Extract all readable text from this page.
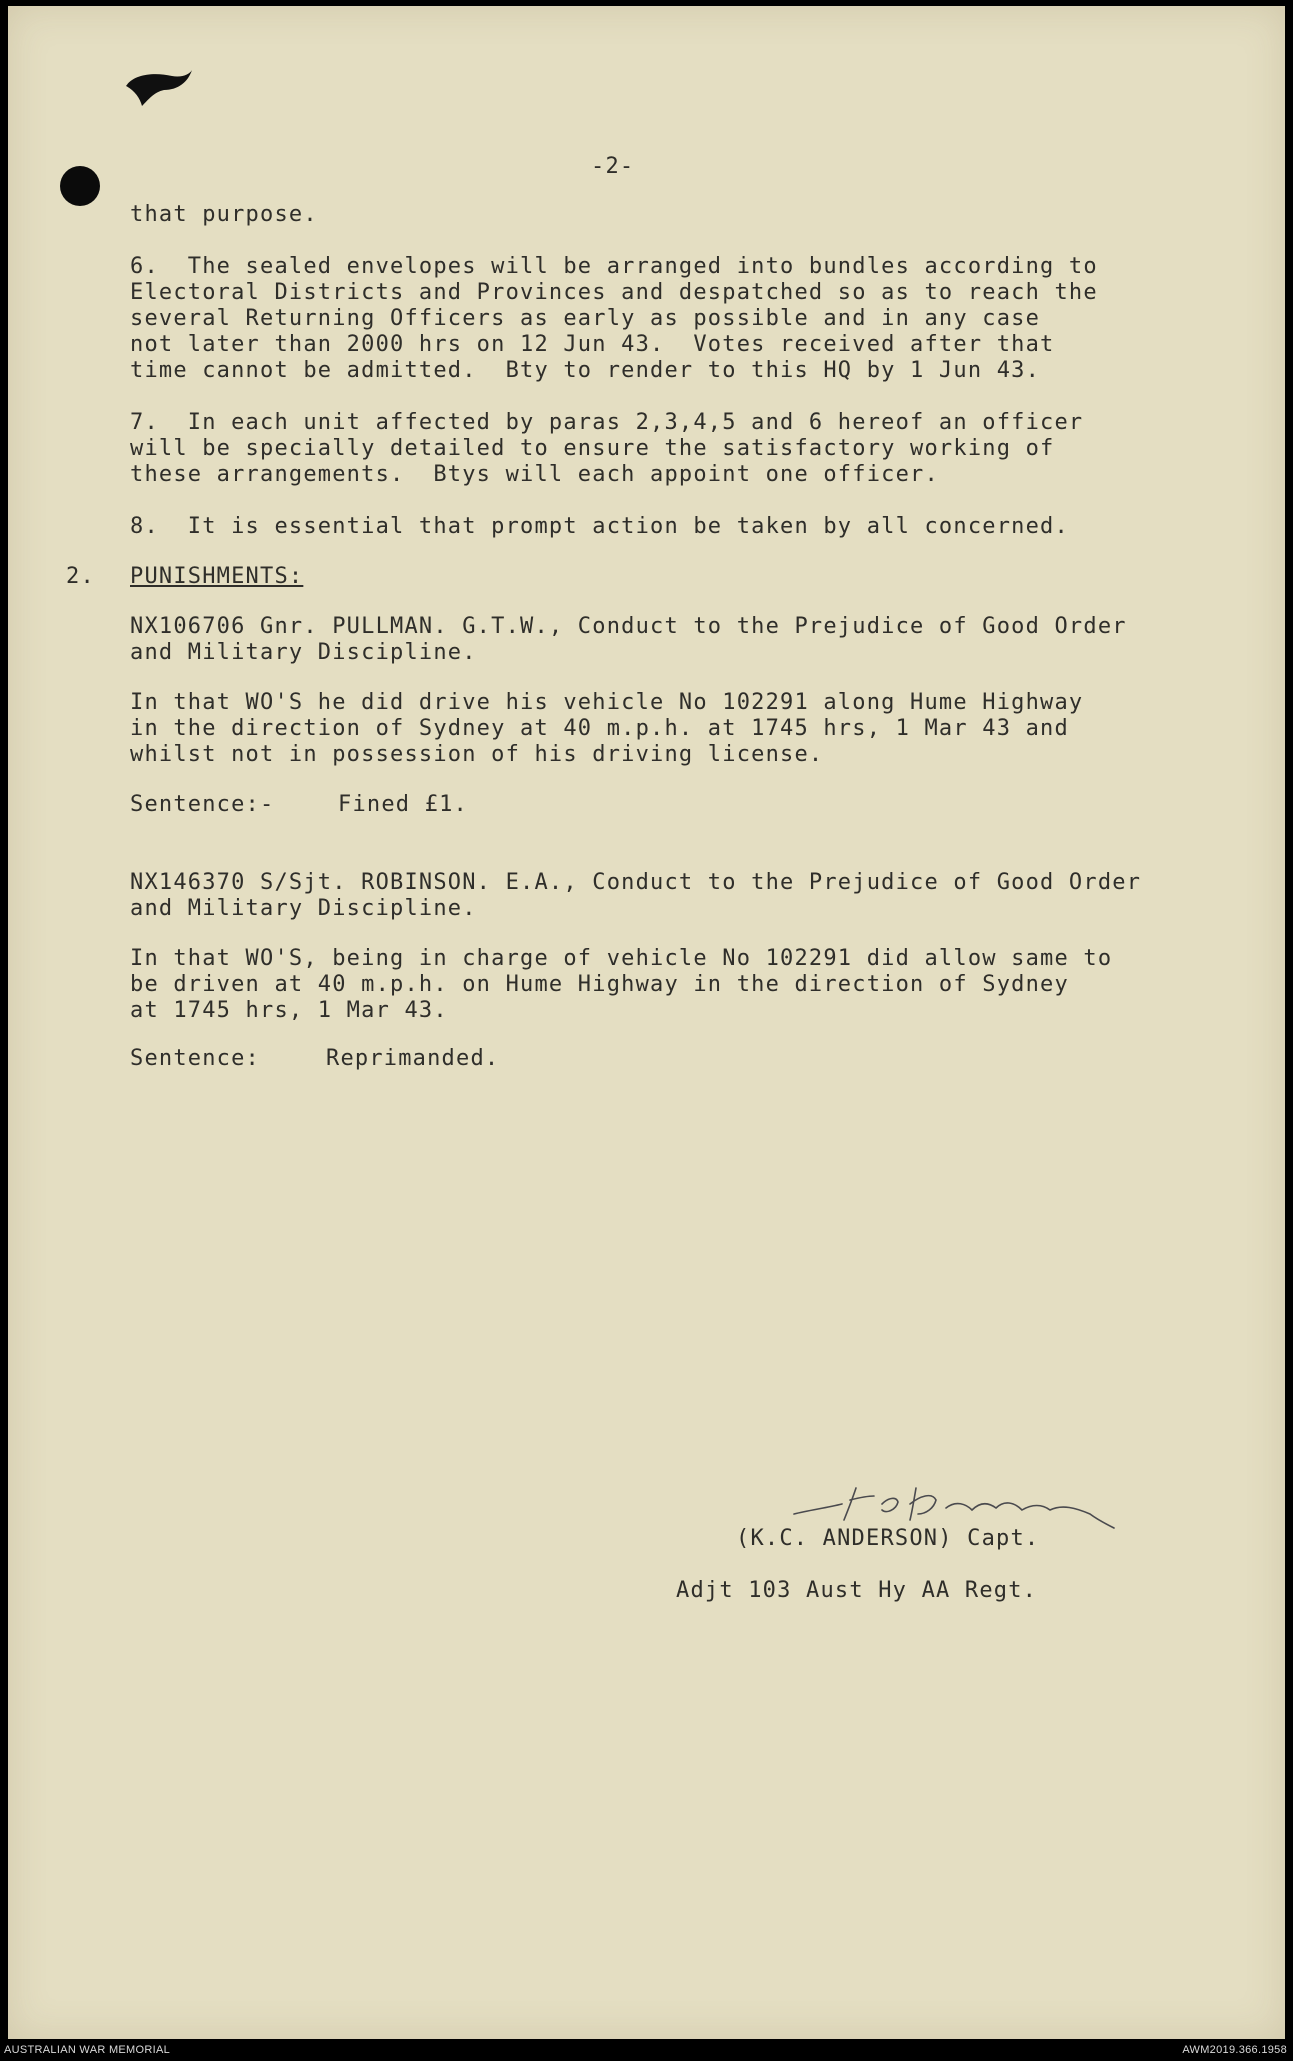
-2-
that purpose.
6.  The sealed envelopes will be arranged into bundles according to
Electoral Districts and Provinces and despatched so as to reach the
several Returning Officers as early as possible and in any case
not later than 2000 hrs on 12 Jun 43.  Votes received after that
time cannot be admitted.  Bty to render to this HQ by 1 Jun 43.
7.  In each unit affected by paras 2,3,4,5 and 6 hereof an officer
will be specially detailed to ensure the satisfactory working of
these arrangements.  Btys will each appoint one officer.
8.  It is essential that prompt action be taken by all concerned.
2. PUNISHMENTS:
NX106706 Gnr. PULLMAN. G.T.W., Conduct to the Prejudice of Good Order
and Military Discipline.
In that WO'S he did drive his vehicle No 102291 along Hume Highway
in the direction of Sydney at 40 m.p.h. at 1745 hrs, 1 Mar 43 and
whilst not in possession of his driving license.
Sentence:-	Fined £1.
NX146370 S/Sjt. ROBINSON. E.A., Conduct to the Prejudice of Good Order
and Military Discipline.
In that WO'S, being in charge of vehicle No 102291 did allow same to
be driven at 40 m.p.h. on Hume Highway in the direction of Sydney
at 1745 hrs, 1 Mar 43.
Sentence:	Reprimanded.
(K.C. ANDERSON) Capt.
Adjt 103 Aust Hy AA Regt.
AUSTRALIAN WAR MEMORIAL	AWM2019.366.1958
